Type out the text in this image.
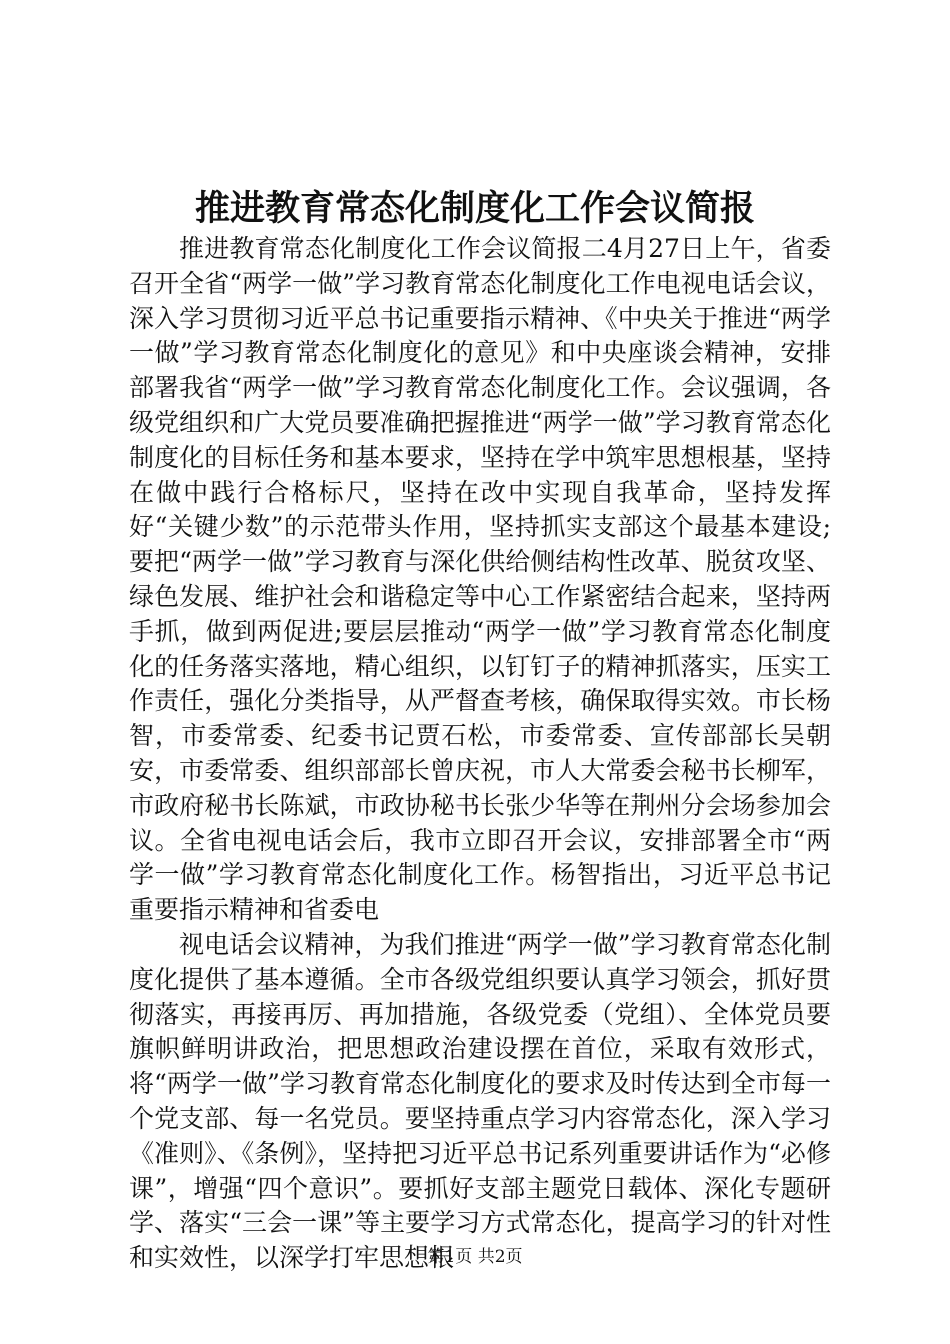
推进教育常态化制度化工作会议简报

推进教育常态化制度化工作会议简报二4月27日上午，省委召开全省“两学一做”学习教育常态化制度化工作电视电话会议，深入学习贯彻习近平总书记重要指示精神、《中央关于推进“两学一做”学习教育常态化制度化的意见》和中央座谈会精神，安排部署我省“两学一做”学习教育常态化制度化工作。会议强调，各级党组织和广大党员要准确把握推进“两学一做”学习教育常态化制度化的目标任务和基本要求，坚持在学中筑牢思想根基，坚持在做中践行合格标尺，坚持在改中实现自我革命，坚持发挥好“关键少数”的示范带头作用，坚持抓实支部这个最基本建设;要把“两学一做”学习教育与深化供给侧结构性改革、脱贫攻坚、绿色发展、维护社会和谐稳定等中心工作紧密结合起来，坚持两手抓，做到两促进;要层层推动“两学一做”学习教育常态化制度化的任务落实落地，精心组织，以钉钉子的精神抓落实，压实工作责任，强化分类指导，从严督查考核，确保取得实效。市长杨智，市委常委、纪委书记贾石松，市委常委、宣传部部长吴朝安，市委常委、组织部部长曾庆祝，市人大常委会秘书长柳军，市政府秘书长陈斌，市政协秘书长张少华等在荆州分会场参加会议。全省电视电话会后，我市立即召开会议，安排部署全市“两学一做”学习教育常态化制度化工作。杨智指出，习近平总书记重要指示精神和省委电

视电话会议精神，为我们推进“两学一做”学习教育常态化制度化提供了基本遵循。全市各级党组织要认真学习领会，抓好贯彻落实，再接再厉、再加措施，各级党委（党组）、全体党员要旗帜鲜明讲政治，把思想政治建设摆在首位，采取有效形式，将“两学一做”学习教育常态化制度化的要求及时传达到全市每一个党支部、每一名党员。要坚持重点学习内容常态化，深入学习《准则》、《条例》，坚持把习近平总书记系列重要讲话作为“必修课”，增强“四个意识”。要抓好支部主题党日载体、深化专题研学、落实“三会一课”等主要学习方式常态化，提高学习的针对性和实效性，以深学打牢思想根

第1页 共2页
